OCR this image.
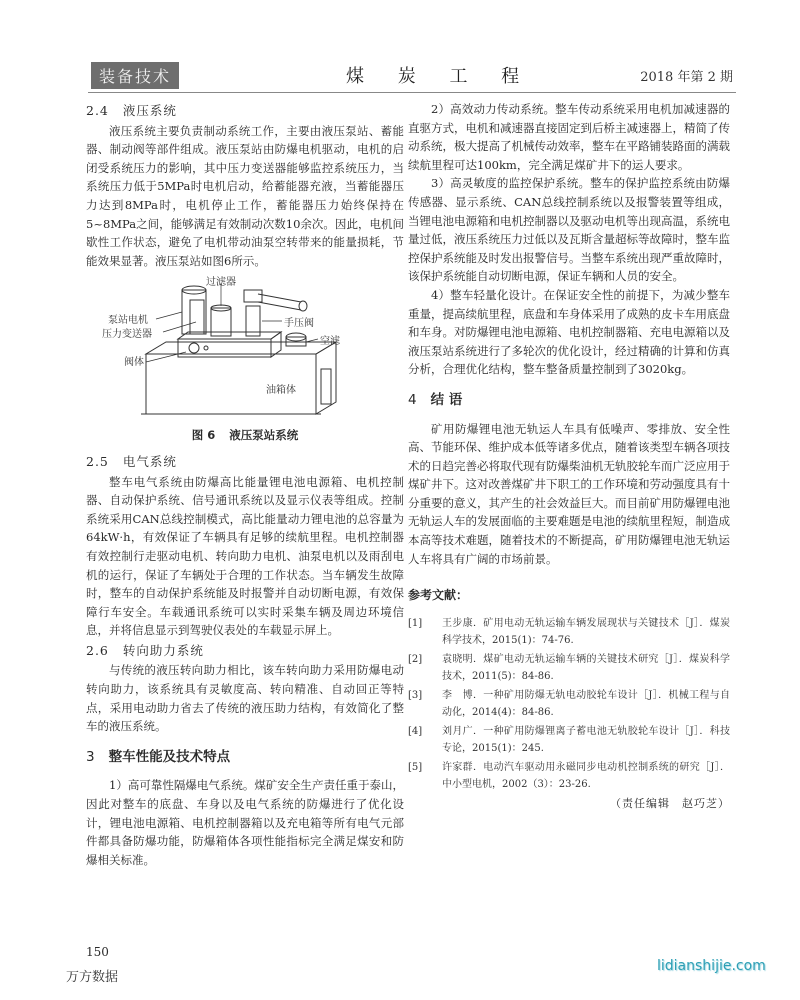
装备技术	煤 炭 工 程	2018 年第 2 期
2.4 液压系统

液压系统主要负责制动系统工作，主要由液压泵站、蓄能器、制动阀等部件组成。液压泵站由防爆电机驱动，电机的启闭受系统压力的影响，其中压力变送器能够监控系统压力，当系统压力低于5MPa时电机启动，给蓄能器充液，当蓄能器压力达到8MPa时，电机停止工作，蓄能器压力始终保持在5~8MPa之间，能够满足有效制动次数10余次。因此，电机间歇性工作状态，避免了电机带动油泵空转带来的能量损耗，节能效果显著。液压泵站如图6所示。

过滤器
泵站电机	手压阀
压力变送器
空滤
阀体
油箱体
图 6 液压泵站系统
2.5 电气系统

整车电气系统由防爆高比能量锂电池电源箱、电机控制器、自动保护系统、信号通讯系统以及显示仪表等组成。控制系统采用CAN总线控制模式，高比能量动力锂电池的总容量为64kW·h，有效保证了车辆具有足够的续航里程。电机控制器有效控制行走驱动电机、转向助力电机、油泵电机以及雨刮电机的运行，保证了车辆处于合理的工作状态。当车辆发生故障时，整车的自动保护系统能及时报警并自动切断电源，有效保障行车安全。车载通讯系统可以实时采集车辆及周边环境信息，并将信息显示到驾驶仪表处的车载显示屏上。

2.6 转向助力系统

与传统的液压转向助力相比，该车转向助力采用防爆电动转向助力，该系统具有灵敏度高、转向精准、自动回正等特点，采用电动助力省去了传统的液压助力结构，有效简化了整车的液压系统。

3 整车性能及技术特点

1）高可靠性隔爆电气系统。煤矿安全生产责任重于泰山，因此对整车的底盘、车身以及电气系统的防爆进行了优化设计，锂电池电源箱、电机控制器箱以及充电箱等所有电气元部件都具备防爆功能，防爆箱体各项性能指标完全满足煤安和防爆相关标准。

2）高效动力传动系统。整车传动系统采用电机加减速器的直驱方式，电机和减速器直接固定到后桥主减速器上，精简了传动系统，极大提高了机械传动效率，整车在平路铺装路面的满载续航里程可达100km，完全满足煤矿井下的运人要求。

3）高灵敏度的监控保护系统。整车的保护监控系统由防爆传感器、显示系统、CAN总线控制系统以及报警装置等组成，当锂电池电源箱和电机控制器以及驱动电机等出现高温，系统电量过低，液压系统压力过低以及瓦斯含量超标等故障时，整车监控保护系统能及时发出报警信号。当整车系统出现严重故障时，该保护系统能自动切断电源，保证车辆和人员的安全。

4）整车轻量化设计。在保证安全性的前提下，为减少整车重量，提高续航里程，底盘和车身体采用了成熟的皮卡车用底盘和车身。对防爆锂电池电源箱、电机控制器箱、充电电源箱以及液压泵站系统进行了多轮次的优化设计，经过精确的计算和仿真分析，合理优化结构，整车整备质量控制到了3020kg。

4 结 语

矿用防爆锂电池无轨运人车具有低噪声、零排放、安全性高、节能环保、维护成本低等诸多优点，随着该类型车辆各项技术的日趋完善必将取代现有防爆柴油机无轨胶轮车而广泛应用于煤矿井下。这对改善煤矿井下职工的工作环境和劳动强度具有十分重要的意义，其产生的社会效益巨大。而目前矿用防爆锂电池无轨运人车的发展面临的主要难题是电池的续航里程短，制造成本高等技术难题，随着技术的不断提高，矿用防爆锂电池无轨运人车将具有广阔的市场前景。

参考文献：
[1]	王步康．矿用电动无轨运输车辆发展现状与关键技术［J］．煤炭科学技术，2015(1)：74-76.
[2]	袁晓明．煤矿电动无轨运输车辆的关键技术研究［J］．煤炭科学技术，2011(5)：84-86.
[3]	李　博．一种矿用防爆无轨电动胶轮车设计［J］．机械工程与自动化，2014(4)：84-86.
[4]	刘月广．一种矿用防爆锂离子蓄电池无轨胶轮车设计［J］．科技专论，2015(1)：245.
[5]	许家群．电动汽车驱动用永磁同步电动机控制系统的研究［J］．中小型电机，2002（3）：23-26.
（责任编辑　赵巧芝）
150
万方数据
lidianshijie.com
